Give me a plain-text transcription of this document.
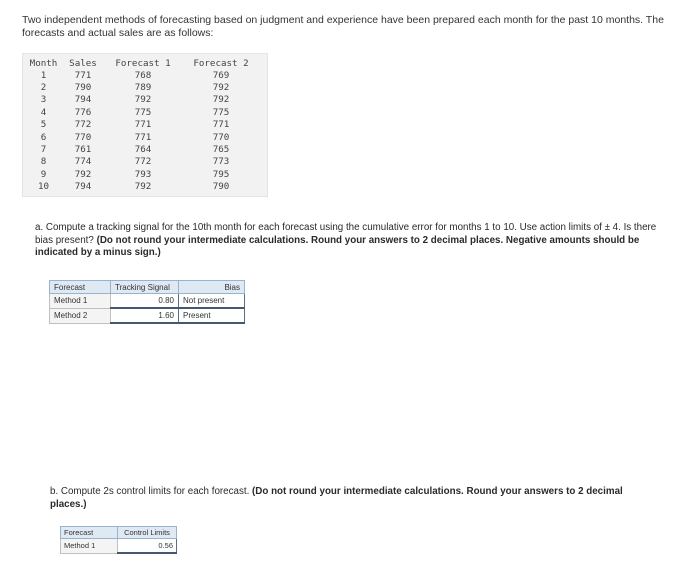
Two independent methods of forecasting based on judgment and experience have been prepared each month for the past 10 months. The forecasts and actual sales are as follows:
Month	Sales	Forecast 1	Forecast 2
1	771	768	769
2	790	789	792
3	794	792	792
4	776	775	775
5	772	771	771
6	770	771	770
7	761	764	765
8	774	772	773
9	792	793	795
10	794	792	790
a. Compute a tracking signal for the 10th month for each forecast using the cumulative error for months 1 to 10. Use action limits of ± 4. Is there bias present? (Do not round your intermediate calculations. Round your answers to 2 decimal places. Negative amounts should be indicated by a minus sign.)
Forecast	Tracking Signal	Bias
Method 1	0.80	Not present
Method 2	1.60	Present
b. Compute 2s control limits for each forecast. (Do not round your intermediate calculations. Round your answers to 2 decimal places.)
Forecast	Control Limits
Method 1	0.56
